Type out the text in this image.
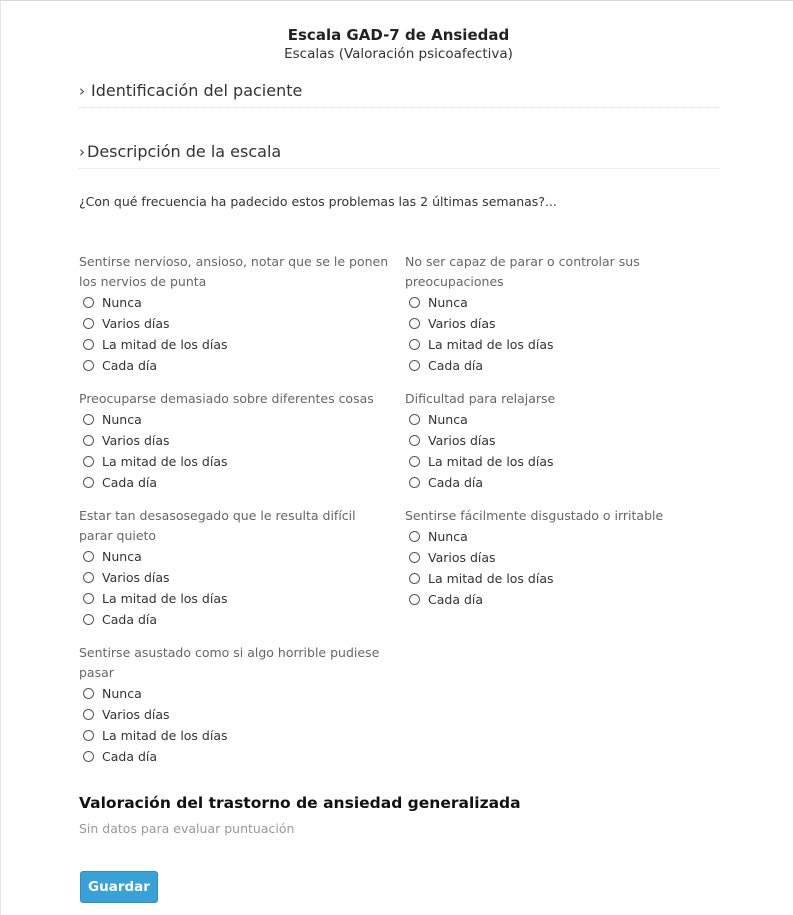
Escala GAD-7 de Ansiedad
Escalas (Valoración psicoafectiva)
› Identificación del paciente
› Descripción de la escala
¿Con qué frecuencia ha padecido estos problemas las 2 últimas semanas?...
Sentirse nervioso, ansioso, notar que se le ponen los nervios de punta
Nunca
Varios días
La mitad de los días
Cada día
No ser capaz de parar o controlar sus preocupaciones
Nunca
Varios días
La mitad de los días
Cada día
Preocuparse demasiado sobre diferentes cosas
Nunca
Varios días
La mitad de los días
Cada día
Dificultad para relajarse
Nunca
Varios días
La mitad de los días
Cada día
Estar tan desasosegado que le resulta difícil parar quieto
Nunca
Varios días
La mitad de los días
Cada día
Sentirse fácilmente disgustado o irritable
Nunca
Varios días
La mitad de los días
Cada día
Sentirse asustado como si algo horrible pudiese pasar
Nunca
Varios días
La mitad de los días
Cada día
Valoración del trastorno de ansiedad generalizada
Sin datos para evaluar puntuación
Guardar
